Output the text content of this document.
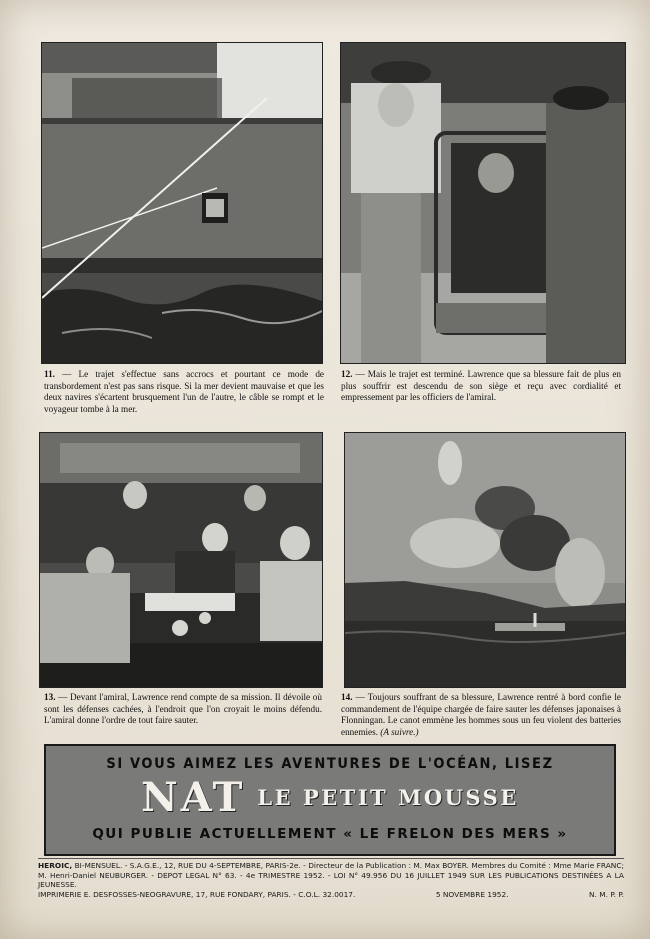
11. — Le trajet s'effectue sans accrocs et pourtant ce mode de transbordement n'est pas sans risque. Si la mer devient mauvaise et que les deux navires s'écartent brusquement l'un de l'autre, le câble se rompt et le voyageur tombe à la mer.
12. — Mais le trajet est terminé. Lawrence que sa blessure fait de plus en plus souffrir est descendu de son siège et reçu avec cordialité et empressement par les officiers de l'amiral.
13. — Devant l'amiral, Lawrence rend compte de sa mission. Il dévoile où sont les défenses cachées, à l'endroit que l'on croyait le moins défendu. L'amiral donne l'ordre de tout faire sauter.
14. — Toujours souffrant de sa blessure, Lawrence rentré à bord confie le commandement de l'équipe chargée de faire sauter les défenses japonaises à Flonningan. Le canot emmène les hommes sous un feu violent des batteries ennemies. (A suivre.)
SI VOUS AIMEZ LES AVENTURES DE L'OCÉAN, LISEZ
NAT LE PETIT MOUSSE
QUI PUBLIE ACTUELLEMENT « LE FRELON DES MERS »
HEROIC, BI-MENSUEL. - S.A.G.E., 12, RUE DU 4-SEPTEMBRE, PARIS-2e. - Directeur de la Publication : M. Max BOYER. Membres du Comité : Mme Marie FRANC; M. Henri-Daniel NEUBURGER. - DEPOT LEGAL N° 63. - 4e TRIMESTRE 1952. - LOI N° 49.956 DU 16 JUILLET 1949 SUR LES PUBLICATIONS DESTINÉES A LA JEUNESSE.
IMPRIMERIE E. DESFOSSES-NEOGRAVURE, 17, RUE FONDARY, PARIS. - C.O.L. 32.0017.	5 NOVEMBRE 1952.	N. M. P. P.
